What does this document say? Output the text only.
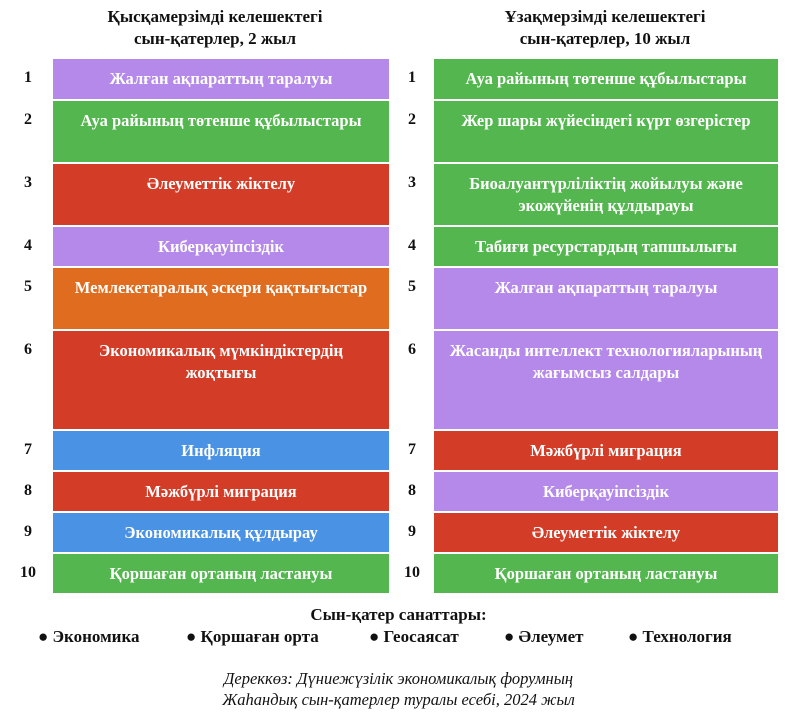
Қысқамерзімді келешектегі
сын-қатерлер, 2 жыл
Ұзақмерзімді келешектегі
сын-қатерлер, 10 жыл
1	Жалған ақпараттың таралуы
2	Ауа райының төтенше құбылыстары
3	Әлеуметтік жіктелу
4	Киберқауіпсіздік
5	Мемлекетаралық әскери қақтығыстар
6	Экономикалық мүмкіндіктердің жоқтығы
7	Инфляция
8	Мәжбүрлі миграция
9	Экономикалық құлдырау
10	Қоршаған ортаның ластануы
1	Ауа райының төтенше құбылыстары
2	Жер шары жүйесіндегі күрт өзгерістер
3	Биоалуантүрліліктің жойылуы және экожүйенің құлдырауы
4	Табиғи ресурстардың тапшылығы
5	Жалған ақпараттың таралуы
6	Жасанды интеллект технологияларының жағымсыз салдары
7	Мәжбүрлі миграция
8	Киберқауіпсіздік
9	Әлеуметтік жіктелу
10	Қоршаған ортаның ластануы
Сын-қатер санаттары:
● Экономика	● Қоршаған орта	● Геосаясат	● Әлеумет	● Технология
Дереккөз: Дүниежүзілік экономикалық форумның
Жаһандық сын-қатерлер туралы есебі, 2024 жыл
